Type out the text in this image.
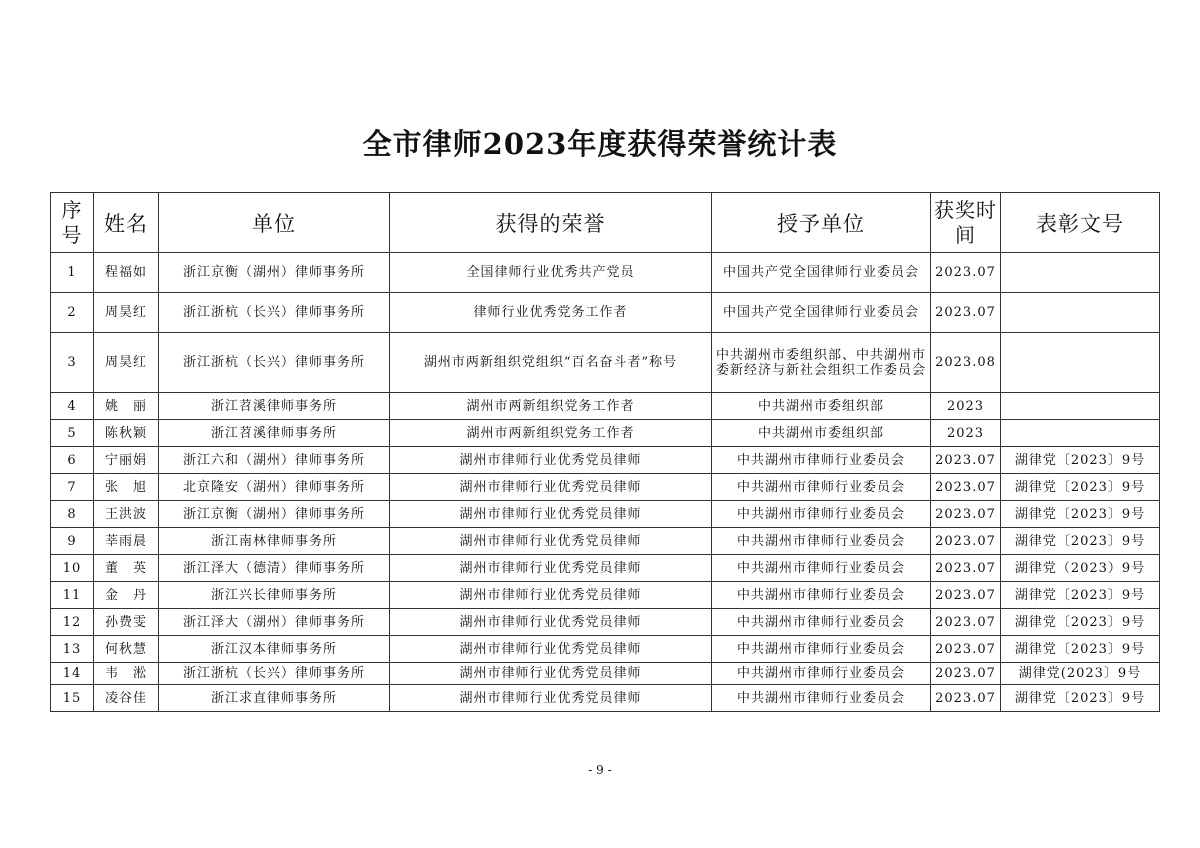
全市律师2023年度获得荣誉统计表
序号	姓名	单位	获得的荣誉	授予单位	获奖时间	表彰文号
1	程福如	浙江京衡（湖州）律师事务所	全国律师行业优秀共产党员	中国共产党全国律师行业委员会	2023.07	
2	周昊红	浙江浙杭（长兴）律师事务所	律师行业优秀党务工作者	中国共产党全国律师行业委员会	2023.07	
3	周昊红	浙江浙杭（长兴）律师事务所	湖州市两新组织党组织“百名奋斗者”称号	中共湖州市委组织部、中共湖州市委新经济与新社会组织工作委员会	2023.08	
4	姚　丽	浙江苕溪律师事务所	湖州市两新组织党务工作者	中共湖州市委组织部	2023	
5	陈秋颖	浙江苕溪律师事务所	湖州市两新组织党务工作者	中共湖州市委组织部	2023	
6	宁丽娟	浙江六和（湖州）律师事务所	湖州市律师行业优秀党员律师	中共湖州市律师行业委员会	2023.07	湖律党〔2023〕9号
7	张　旭	北京隆安（湖州）律师事务所	湖州市律师行业优秀党员律师	中共湖州市律师行业委员会	2023.07	湖律党〔2023〕9号
8	王洪波	浙江京衡（湖州）律师事务所	湖州市律师行业优秀党员律师	中共湖州市律师行业委员会	2023.07	湖律党〔2023〕9号
9	莘雨晨	浙江南林律师事务所	湖州市律师行业优秀党员律师	中共湖州市律师行业委员会	2023.07	湖律党〔2023〕9号
10	董　英	浙江泽大（德清）律师事务所	湖州市律师行业优秀党员律师	中共湖州市律师行业委员会	2023.07	湖律党（2023）9号
11	金　丹	浙江兴长律师事务所	湖州市律师行业优秀党员律师	中共湖州市律师行业委员会	2023.07	湖律党〔2023〕9号
12	孙费雯	浙江泽大（湖州）律师事务所	湖州市律师行业优秀党员律师	中共湖州市律师行业委员会	2023.07	湖律党〔2023〕9号
13	何秋慧	浙江汉本律师事务所	湖州市律师行业优秀党员律师	中共湖州市律师行业委员会	2023.07	湖律党〔2023〕9号
14	韦　淞	浙江浙杭（长兴）律师事务所	湖州市律师行业优秀党员律师	中共湖州市律师行业委员会	2023.07	湖律党(2023〕9号
15	凌谷佳	浙江求直律师事务所	湖州市律师行业优秀党员律师	中共湖州市律师行业委员会	2023.07	湖律党〔2023〕9号
- 9 -
